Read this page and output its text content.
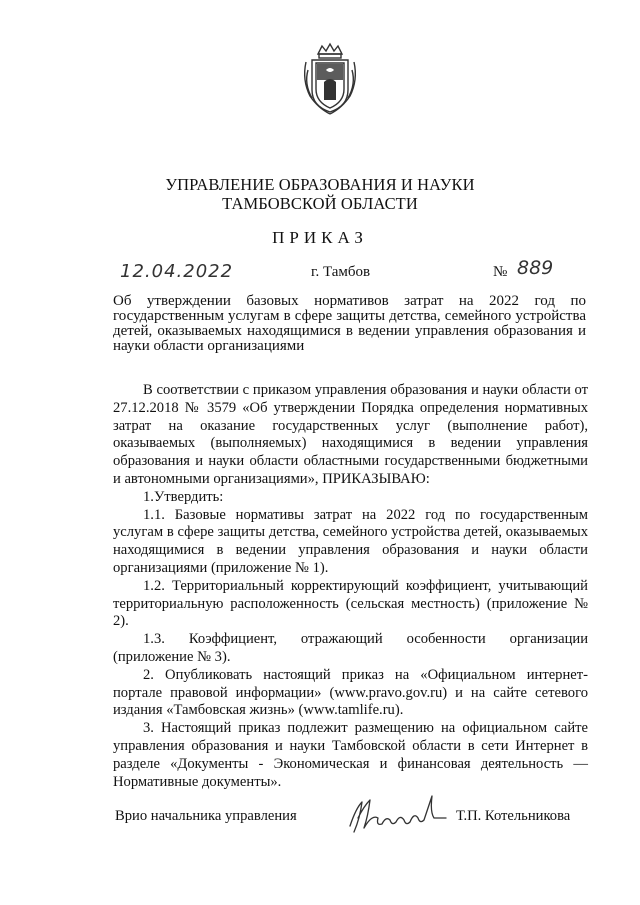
УПРАВЛЕНИЕ ОБРАЗОВАНИЯ И НАУКИ
ТАМБОВСКОЙ ОБЛАСТИ
ПРИКАЗ
12.04.2022	г. Тамбов	№ 889
Об утверждении базовых нормативов затрат на 2022 год по государственным услугам в сфере защиты детства, семейного устройства детей, оказываемых находящимися в ведении управления образования и науки области организациями

В соответствии с приказом управления образования и науки области от 27.12.2018 № 3579 «Об утверждении Порядка определения нормативных затрат на оказание государственных услуг (выполнение работ), оказываемых (выполняемых) находящимися в ведении управления образования и науки области областными государственными бюджетными и автономными организациями», ПРИКАЗЫВАЮ:

1.Утвердить:

1.1. Базовые нормативы затрат на 2022 год по государственным услугам в сфере защиты детства, семейного устройства детей, оказываемых находящимися в ведении управления образования и науки области организациями (приложение № 1).

1.2. Территориальный корректирующий коэффициент, учитывающий территориальную расположенность (сельская местность) (приложение № 2).

1.3. Коэффициент, отражающий особенности организации (приложение № 3).

2. Опубликовать настоящий приказ на «Официальном интернет-портале правовой информации» (www.pravo.gov.ru) и на сайте сетевого издания «Тамбовская жизнь» (www.tamlife.ru).

3. Настоящий приказ подлежит размещению на официальном сайте управления образования и науки Тамбовской области в сети Интернет в разделе «Документы - Экономическая и финансовая деятельность — Нормативные документы».

Врио начальника управления	Т.П. Котельникова
